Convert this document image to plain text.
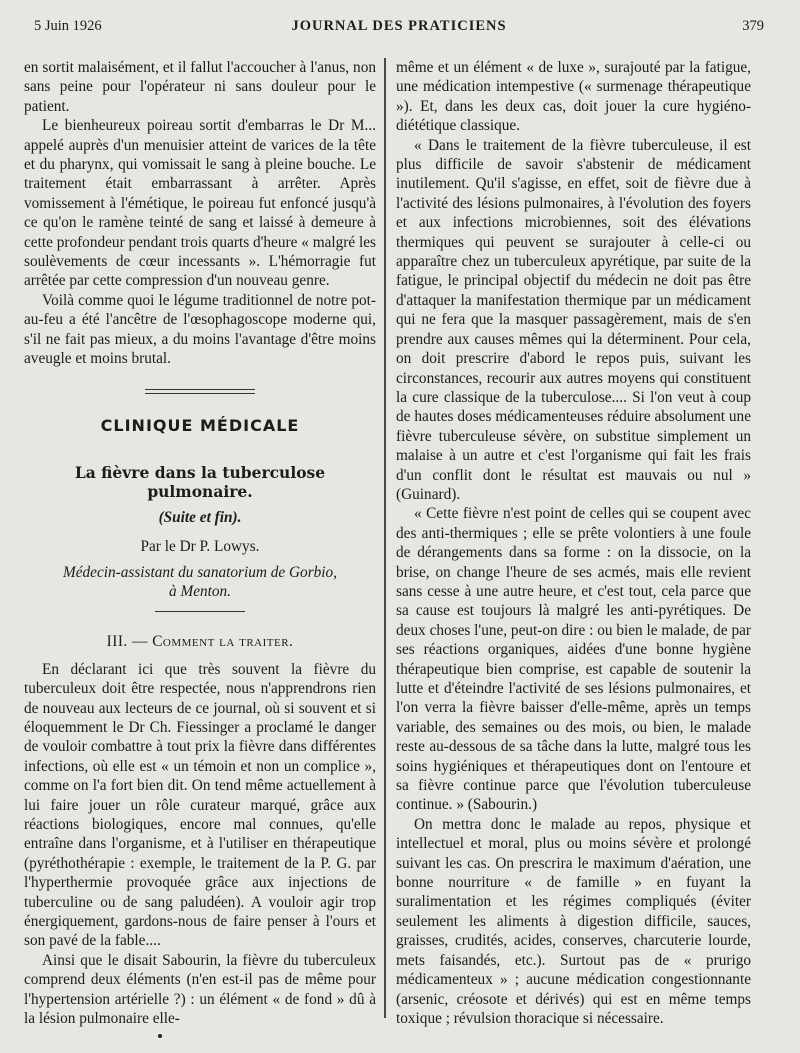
5 Juin 1926	JOURNAL DES PRATICIENS	379

en sortit malaisément, et il fallut l'accoucher à l'anus, non sans peine pour l'opérateur ni sans douleur pour le patient.

Le bienheureux poireau sortit d'embarras le Dr M... appelé auprès d'un menuisier atteint de varices de la tête et du pharynx, qui vomissait le sang à pleine bouche. Le traitement était embarrassant à arrêter. Après vomissement à l'émétique, le poireau fut enfoncé jusqu'à ce qu'on le ramène teinté de sang et laissé à demeure à cette profondeur pendant trois quarts d'heure « malgré les soulèvements de cœur incessants ». L'hémorragie fut arrêtée par cette compression d'un nouveau genre.

Voilà comme quoi le légume traditionnel de notre pot-au-feu a été l'ancêtre de l'œsophagoscope moderne qui, s'il ne fait pas mieux, a du moins l'avantage d'être moins aveugle et moins brutal.

CLINIQUE MÉDICALE
La fièvre dans la tuberculose pulmonaire.
(Suite et fin).
Par le Dr P. Lowys.
Médecin-assistant du sanatorium de Gorbio,
à Menton.
III. — Comment la traiter.

En déclarant ici que très souvent la fièvre du tuberculeux doit être respectée, nous n'apprendrons rien de nouveau aux lecteurs de ce journal, où si souvent et si éloquemment le Dr Ch. Fiessinger a proclamé le danger de vouloir combattre à tout prix la fièvre dans différentes infections, où elle est « un témoin et non un complice », comme on l'a fort bien dit. On tend même actuellement à lui faire jouer un rôle curateur marqué, grâce aux réactions biologiques, encore mal connues, qu'elle entraîne dans l'organisme, et à l'utiliser en thérapeutique (pyréthothérapie : exemple, le traitement de la P. G. par l'hyperthermie provoquée grâce aux injections de tuberculine ou de sang paludéen). A vouloir agir trop énergiquement, gardons-nous de faire penser à l'ours et son pavé de la fable....

Ainsi que le disait Sabourin, la fièvre du tuberculeux comprend deux éléments (n'en est-il pas de même pour l'hypertension artérielle ?) : un élément « de fond » dû à la lésion pulmonaire elle-

même et un élément « de luxe », surajouté par la fatigue, une médication intempestive (« surmenage thérapeutique »). Et, dans les deux cas, doit jouer la cure hygiéno-diététique classique.

« Dans le traitement de la fièvre tuberculeuse, il est plus difficile de savoir s'abstenir de médicament inutilement. Qu'il s'agisse, en effet, soit de fièvre due à l'activité des lésions pulmonaires, à l'évolution des foyers et aux infections microbiennes, soit des élévations thermiques qui peuvent se surajouter à celle-ci ou apparaître chez un tuberculeux apyrétique, par suite de la fatigue, le principal objectif du médecin ne doit pas être d'attaquer la manifestation thermique par un médicament qui ne fera que la masquer passagèrement, mais de s'en prendre aux causes mêmes qui la déterminent. Pour cela, on doit prescrire d'abord le repos puis, suivant les circonstances, recourir aux autres moyens qui constituent la cure classique de la tuberculose.... Si l'on veut à coup de hautes doses médicamenteuses réduire absolument une fièvre tuberculeuse sévère, on substitue simplement un malaise à un autre et c'est l'organisme qui fait les frais d'un conflit dont le résultat est mauvais ou nul » (Guinard).

« Cette fièvre n'est point de celles qui se coupent avec des anti-thermiques ; elle se prête volontiers à une foule de dérangements dans sa forme : on la dissocie, on la brise, on change l'heure de ses acmés, mais elle revient sans cesse à une autre heure, et c'est tout, cela parce que sa cause est toujours là malgré les anti-pyrétiques. De deux choses l'une, peut-on dire : ou bien le malade, de par ses réactions organiques, aidées d'une bonne hygiène thérapeutique bien comprise, est capable de soutenir la lutte et d'éteindre l'activité de ses lésions pulmonaires, et l'on verra la fièvre baisser d'elle-même, après un temps variable, des semaines ou des mois, ou bien, le malade reste au-dessous de sa tâche dans la lutte, malgré tous les soins hygiéniques et thérapeutiques dont on l'entoure et sa fièvre continue parce que l'évolution tuberculeuse continue. » (Sabourin.)

On mettra donc le malade au repos, physique et intellectuel et moral, plus ou moins sévère et prolongé suivant les cas. On prescrira le maximum d'aération, une bonne nourriture « de famille » en fuyant la suralimentation et les régimes compliqués (éviter seulement les aliments à digestion difficile, sauces, graisses, crudités, acides, conserves, charcuterie lourde, mets faisandés, etc.). Surtout pas de « prurigo médicamenteux » ; aucune médication congestionnante (arsenic, créosote et dérivés) qui est en même temps toxique ; révulsion thoracique si nécessaire.
